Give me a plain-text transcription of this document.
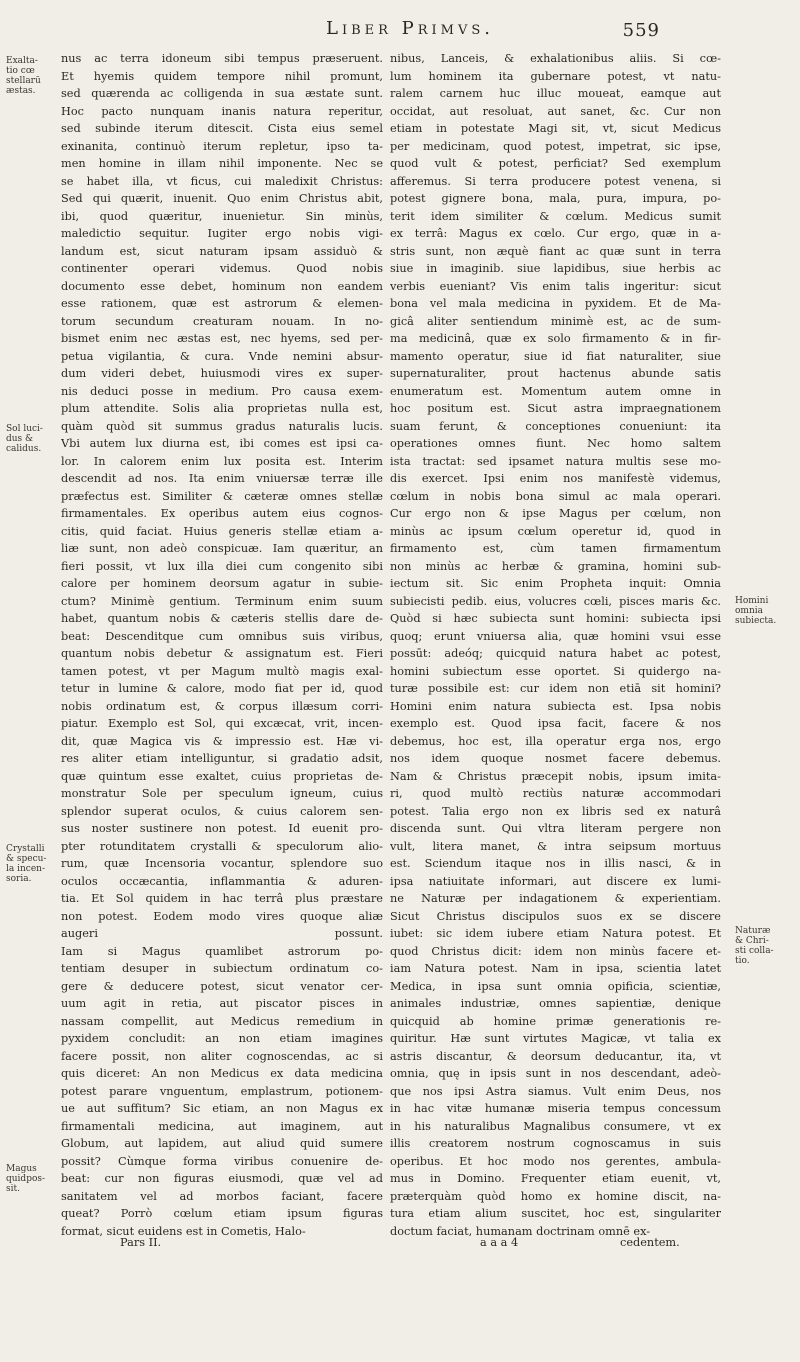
Liber Primvs.	559
Exalta-
tio cœ
stellarū
æstas.
Sol luci-
dus &
calidus.
Crystalli
& specu-
la incen-
soria.
Magus
quidpos-
sit.
Homini
omnia
subiecta.
Naturæ
& Chri-
sti colla-
tio.
nus ac terra idoneum sibi tempus præseruent.
Et hyemis quidem tempore nihil promunt,
sed quærenda ac colligenda in sua æstate sunt.
Hoc pacto nunquam inanis natura reperitur,
sed subinde iterum ditescit. Cista eius semel
exinanita, continuò iterum repletur, ipso ta-
men homine in illam nihil imponente. Nec se
se habet illa, vt ficus, cui maledixit Christus:
Sed qui quærit, inuenit. Quo enim Christus abit,
ibi, quod quæritur, inuenietur. Sin minùs,
maledictio sequitur. Iugiter ergo nobis vigi-
landum est, sicut naturam ipsam assiduò &
continenter operari videmus. Quod nobis
documento esse debet, hominum non eandem
esse rationem, quæ est astrorum & elemen-
torum secundum creaturam nouam. In no-
bismet enim nec æstas est, nec hyems, sed per-
petua vigilantia, & cura. Vnde nemini absur-
dum videri debet, huiusmodi vires ex super-
nis deduci posse in medium. Pro causa exem-
plum attendite. Solis alia proprietas nulla est,
quàm quòd sit summus gradus naturalis lucis.
Vbi autem lux diurna est, ibi comes est ipsi ca-
lor. In calorem enim lux posita est. Interim
descendit ad nos. Ita enim vniuersæ terræ ille
præfectus est. Similiter & cæteræ omnes stellæ
firmamentales. Ex operibus autem eius cognos-
citis, quid faciat. Huius generis stellæ etiam a-
liæ sunt, non adeò conspicuæ. Iam quæritur, an
fieri possit, vt lux illa diei cum congenito sibi
calore per hominem deorsum agatur in subie-
ctum? Minimè gentium. Terminum enim suum
habet, quantum nobis & cæteris stellis dare de-
beat: Descenditque cum omnibus suis viribus,
quantum nobis debetur & assignatum est. Fieri
tamen potest, vt per Magum multò magis exal-
tetur in lumine & calore, modo fiat per id, quod
nobis ordinatum est, & corpus illæsum corri-
piatur. Exemplo est Sol, qui excæcat, vrit, incen-
dit, quæ Magica vis & impressio est. Hæ vi-
res aliter etiam intelliguntur, si gradatio adsit,
quæ quintum esse exaltet, cuius proprietas de-
monstratur Sole per speculum igneum, cuius
splendor superat oculos, & cuius calorem sen-
sus noster sustinere non potest. Id euenit pro-
pter rotunditatem crystalli & speculorum alio-
rum, quæ Incensoria vocantur, splendore suo
oculos occæcantia, inflammantia & aduren-
tia. Et Sol quidem in hac terrâ plus præstare
non potest. Eodem modo vires quoque aliæ
augeri possunt.
Iam si Magus quamlibet astrorum po-
tentiam desuper in subiectum ordinatum co-
gere & deducere potest, sicut venator cer-
uum agit in retia, aut piscator pisces in
nassam compellit, aut Medicus remedium in
pyxidem concludit: an non etiam imagines
facere possit, non aliter cognoscendas, ac si
quis diceret: An non Medicus ex data medicina
potest parare vnguentum, emplastrum, potionem-
ue aut suffitum? Sic etiam, an non Magus ex
firmamentali medicina, aut imaginem, aut
Globum, aut lapidem, aut aliud quid sumere
possit? Cùmque forma viribus conuenire de-
beat: cur non figuras eiusmodi, quæ vel ad
sanitatem vel ad morbos faciant, facere
queat? Porrò cœlum etiam ipsum figuras
format, sicut euidens est in Cometis, Halo-
nibus, Lanceis, & exhalationibus aliis. Si cœ-
lum hominem ita gubernare potest, vt natu-
ralem carnem huc illuc moueat, eamque aut
occidat, aut resoluat, aut sanet, &c. Cur non
etiam in potestate Magi sit, vt, sicut Medicus
per medicinam, quod potest, impetrat, sic ipse,
quod vult & potest, perficiat? Sed exemplum
afferemus. Si terra producere potest venena, si
potest gignere bona, mala, pura, impura, po-
terit idem similiter & cœlum. Medicus sumit
ex terrâ: Magus ex cœlo. Cur ergo, quæ in a-
stris sunt, non æquè fiant ac quæ sunt in terra
siue in imaginib. siue lapidibus, siue herbis ac
verbis eueniant? Vis enim talis ingeritur: sicut
bona vel mala medicina in pyxidem. Et de Ma-
gicâ aliter sentiendum minimè est, ac de sum-
ma medicinâ, quæ ex solo firmamento & in fir-
mamento operatur, siue id fiat naturaliter, siue
supernaturaliter, prout hactenus abunde satis
enumeratum est. Momentum autem omne in
hoc positum est. Sicut astra impraegnationem
suam ferunt, & conceptiones conueniunt: ita
operationes omnes fiunt. Nec homo saltem
ista tractat: sed ipsamet natura multis sese mo-
dis exercet. Ipsi enim nos manifestè videmus,
cœlum in nobis bona simul ac mala operari.
Cur ergo non & ipse Magus per cœlum, non
minùs ac ipsum cœlum operetur id, quod in
firmamento est, cùm tamen firmamentum
non minùs ac herbæ & gramina, homini sub-
iectum sit. Sic enim Propheta inquit: Omnia
subiecisti pedib. eius, volucres cœli, pisces maris &c.
Quòd si hæc subiecta sunt homini: subiecta ipsi
quoq; erunt vniuersa alia, quæ homini vsui esse
possūt: adeóq; quicquid natura habet ac potest,
homini subiectum esse oportet. Si quidergo na-
turæ possibile est: cur idem non etiā sit homini?
Homini enim natura subiecta est. Ipsa nobis
exemplo est. Quod ipsa facit, facere & nos
debemus, hoc est, illa operatur erga nos, ergo
nos idem quoque nosmet facere debemus.
Nam & Christus præcepit nobis, ipsum imita-
ri, quod multò rectiùs naturæ accommodari
potest. Talia ergo non ex libris sed ex naturâ
discenda sunt. Qui vltra literam pergere non
vult, litera manet, & intra seipsum mortuus
est. Sciendum itaque nos in illis nasci, & in
ipsa natiuitate informari, aut discere ex lumi-
ne Naturæ per indagationem & experientiam.
Sicut Christus discipulos suos ex se discere
iubet: sic idem iubere etiam Natura potest. Et
quod Christus dicit: idem non minùs facere et-
iam Natura potest. Nam in ipsa, scientia latet
Medica, in ipsa sunt omnia opificia, scientiæ,
animales industriæ, omnes sapientiæ, denique
quicquid ab homine primæ generationis re-
quiritur. Hæ sunt virtutes Magicæ, vt talia ex
astris discantur, & deorsum deducantur, ita, vt
omnia, quę in ipsis sunt in nos descendant, adeò-
que nos ipsi Astra siamus. Vult enim Deus, nos
in hac vitæ humanæ miseria tempus concessum
in his naturalibus Magnalibus consumere, vt ex
illis creatorem nostrum cognoscamus in suis
operibus. Et hoc modo nos gerentes, ambula-
mus in Domino. Frequenter etiam euenit, vt,
præterquàm quòd homo ex homine discit, na-
tura etiam alium suscitet, hoc est, singulariter
doctum faciat, humanam doctrinam omnē ex-
Pars II.	a a a 4	cedentem.
